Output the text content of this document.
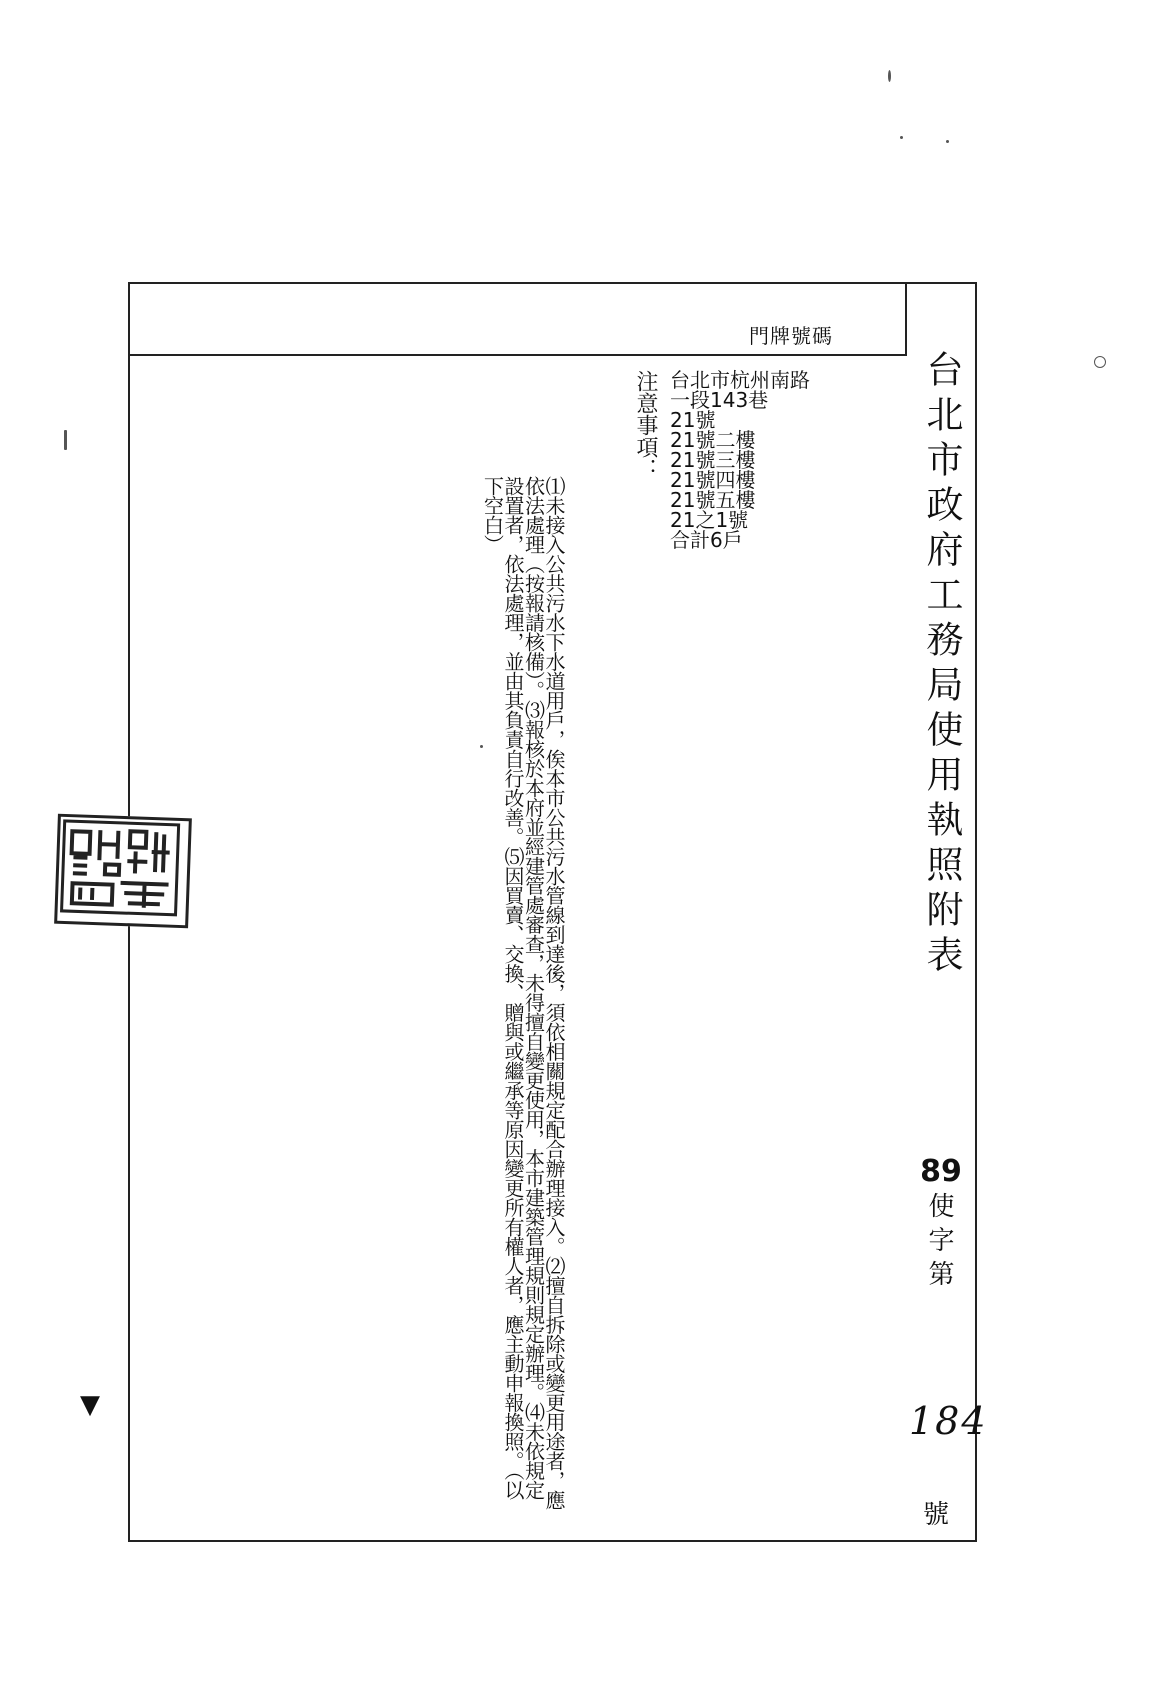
門牌號碼
台北市杭州南路
一段143巷
21號
21號二樓
21號三樓
21號四樓
21號五樓
21之1號
合計6戶
注意事項：
⑴未接入公共污水下水道用戶，俟本市公共污水管線到達後，須依相關規定配合辦理接入。⑵擅自拆除或變更用途者，應依法處理（按報請核備）。⑶報核於本府並經建管處審查，未得擅自變更使用，本市建築管理規則規定辦理。⑷未依規定設置者，依法處理，並由其負責自行改善。⑸因買賣、交換、贈與或繼承等原因變更所有權人者，應主動申報換照。（以下空白）	台北市政府工務局使用執照附表
89
使字第
184
號
▼
